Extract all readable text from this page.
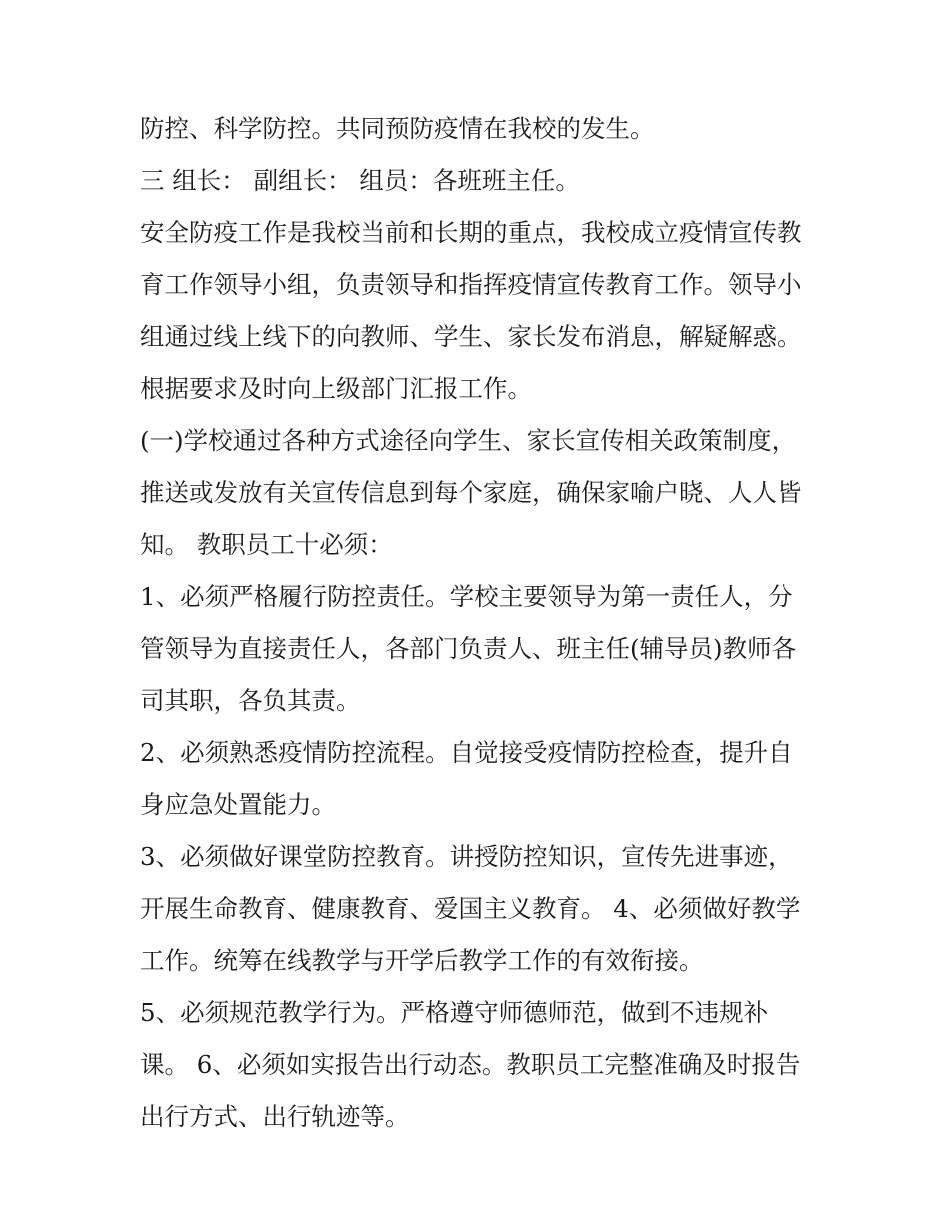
防控、科学防控。共同预防疫情在我校的发生。
三 组长： 副组长： 组员：各班班主任。
安全防疫工作是我校当前和长期的重点，我校成立疫情宣传教
育工作领导小组，负责领导和指挥疫情宣传教育工作。领导小
组通过线上线下的向教师、学生、家长发布消息，解疑解惑。
根据要求及时向上级部门汇报工作。
(一)学校通过各种方式途径向学生、家长宣传相关政策制度，
推送或发放有关宣传信息到每个家庭，确保家喻户晓、人人皆
知。 教职员工十必须：
1、必须严格履行防控责任。学校主要领导为第一责任人，分
管领导为直接责任人，各部门负责人、班主任(辅导员)教师各
司其职，各负其责。
2、必须熟悉疫情防控流程。自觉接受疫情防控检查，提升自
身应急处置能力。
3、必须做好课堂防控教育。讲授防控知识，宣传先进事迹，
开展生命教育、健康教育、爱国主义教育。 4、必须做好教学
工作。统筹在线教学与开学后教学工作的有效衔接。
5、必须规范教学行为。严格遵守师德师范，做到不违规补
课。 6、必须如实报告出行动态。教职员工完整准确及时报告
出行方式、出行轨迹等。
